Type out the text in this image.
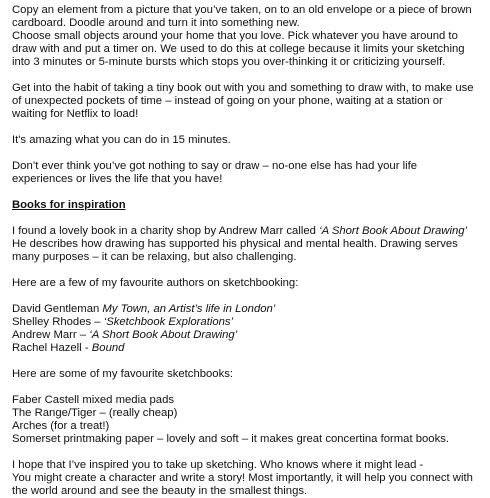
Copy an element from a picture that you’ve taken, on to an old envelope or a piece of brown

cardboard. Doodle around and turn it into something new.

Choose small objects around your home that you love. Pick whatever you have around to

draw with and put a timer on. We used to do this at college because it limits your sketching

into 3 minutes or 5-minute bursts which stops you over-thinking it or criticizing yourself.

Get into the habit of taking a tiny book out with you and something to draw with, to make use

of unexpected pockets of time – instead of going on your phone, waiting at a station or

waiting for Netflix to load!

It's amazing what you can do in 15 minutes.

Don’t ever think you’ve got nothing to say or draw – no-one else has had your life

experiences or lives the life that you have!

Books for inspiration

I found a lovely book in a charity shop by Andrew Marr called ‘A Short Book About Drawing’

He describes how drawing has supported his physical and mental health. Drawing serves

many purposes – it can be relaxing, but also challenging.

Here are a few of my favourite authors on sketchbooking:

David Gentleman My Town, an Artist’s life in London’

Shelley Rhodes – ‘Sketchbook Explorations’

Andrew Marr – ‘A Short Book About Drawing’

Rachel Hazell - Bound

Here are some of my favourite sketchbooks:

Faber Castell mixed media pads

The Range/Tiger – (really cheap)

Arches (for a treat!)

Somerset printmaking paper – lovely and soft – it makes great concertina format books.

I hope that I’ve inspired you to take up sketching. Who knows where it might lead -

You might create a character and write a story! Most importantly, it will help you connect with

the world around and see the beauty in the smallest things.
